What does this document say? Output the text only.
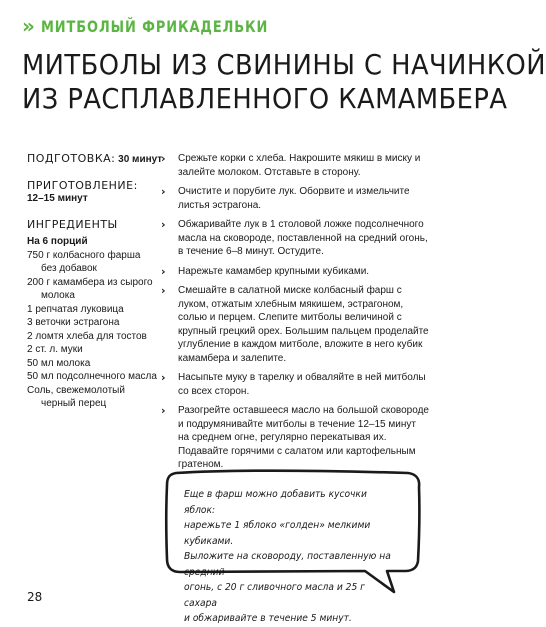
» МИТБОЛЫЙ ФРИКАДЕЛЬКИ
МИТБОЛЫ ИЗ СВИНИНЫ С НАЧИНКОЙ
ИЗ РАСПЛАВЛЕННОГО КАМАМБЕРА
ПОДГОТОВКА: 30 минут
ПРИГОТОВЛЕНИЕ:
12–15 минут
ИНГРЕДИЕНТЫ
На 6 порций
750 г колбасного фарша
без добавок
200 г камамбера из сырого
молока
1 репчатая луковица
3 веточки эстрагона
2 ломтя хлеба для тостов
2 ст. л. муки
50 мл молока
50 мл подсолнечного масла
Соль, свежемолотый
черный перец
› Срежьте корки с хлеба. Накрошите мякиш в миску и залейте молоком. Отставьте в сторону.
› Очистите и порубите лук. Оборвите и измельчите листья эстрагона.
› Обжаривайте лук в 1 столовой ложке подсолнечного масла на сковороде, поставленной на средний огонь, в течение 6–8 минут. Остудите.
› Нарежьте камамбер крупными кубиками.
› Смешайте в салатной миске колбасный фарш с луком, отжатым хлебным мякишем, эстрагоном, солью и перцем. Слепите митболы величиной с крупный грецкий орех. Большим пальцем проделайте углубление в каждом митболе, вложите в него кубик камамбера и залепите.
› Насыпьте муку в тарелку и обваляйте в ней митболы со всех сторон.
› Разогрейте оставшееся масло на большой сковороде и подрумянивайте митболы в течение 12–15 минут на среднем огне, регулярно перекатывая их. Подавайте горячими с салатом или картофельным гратеном.
Еще в фарш можно добавить кусочки яблок:
нарежьте 1 яблоко «голден» мелкими кубиками.
Выложите на сковороду, поставленную на средний
огонь, с 20 г сливочного масла и 25 г сахара
и обжаривайте в течение 5 минут.
28
